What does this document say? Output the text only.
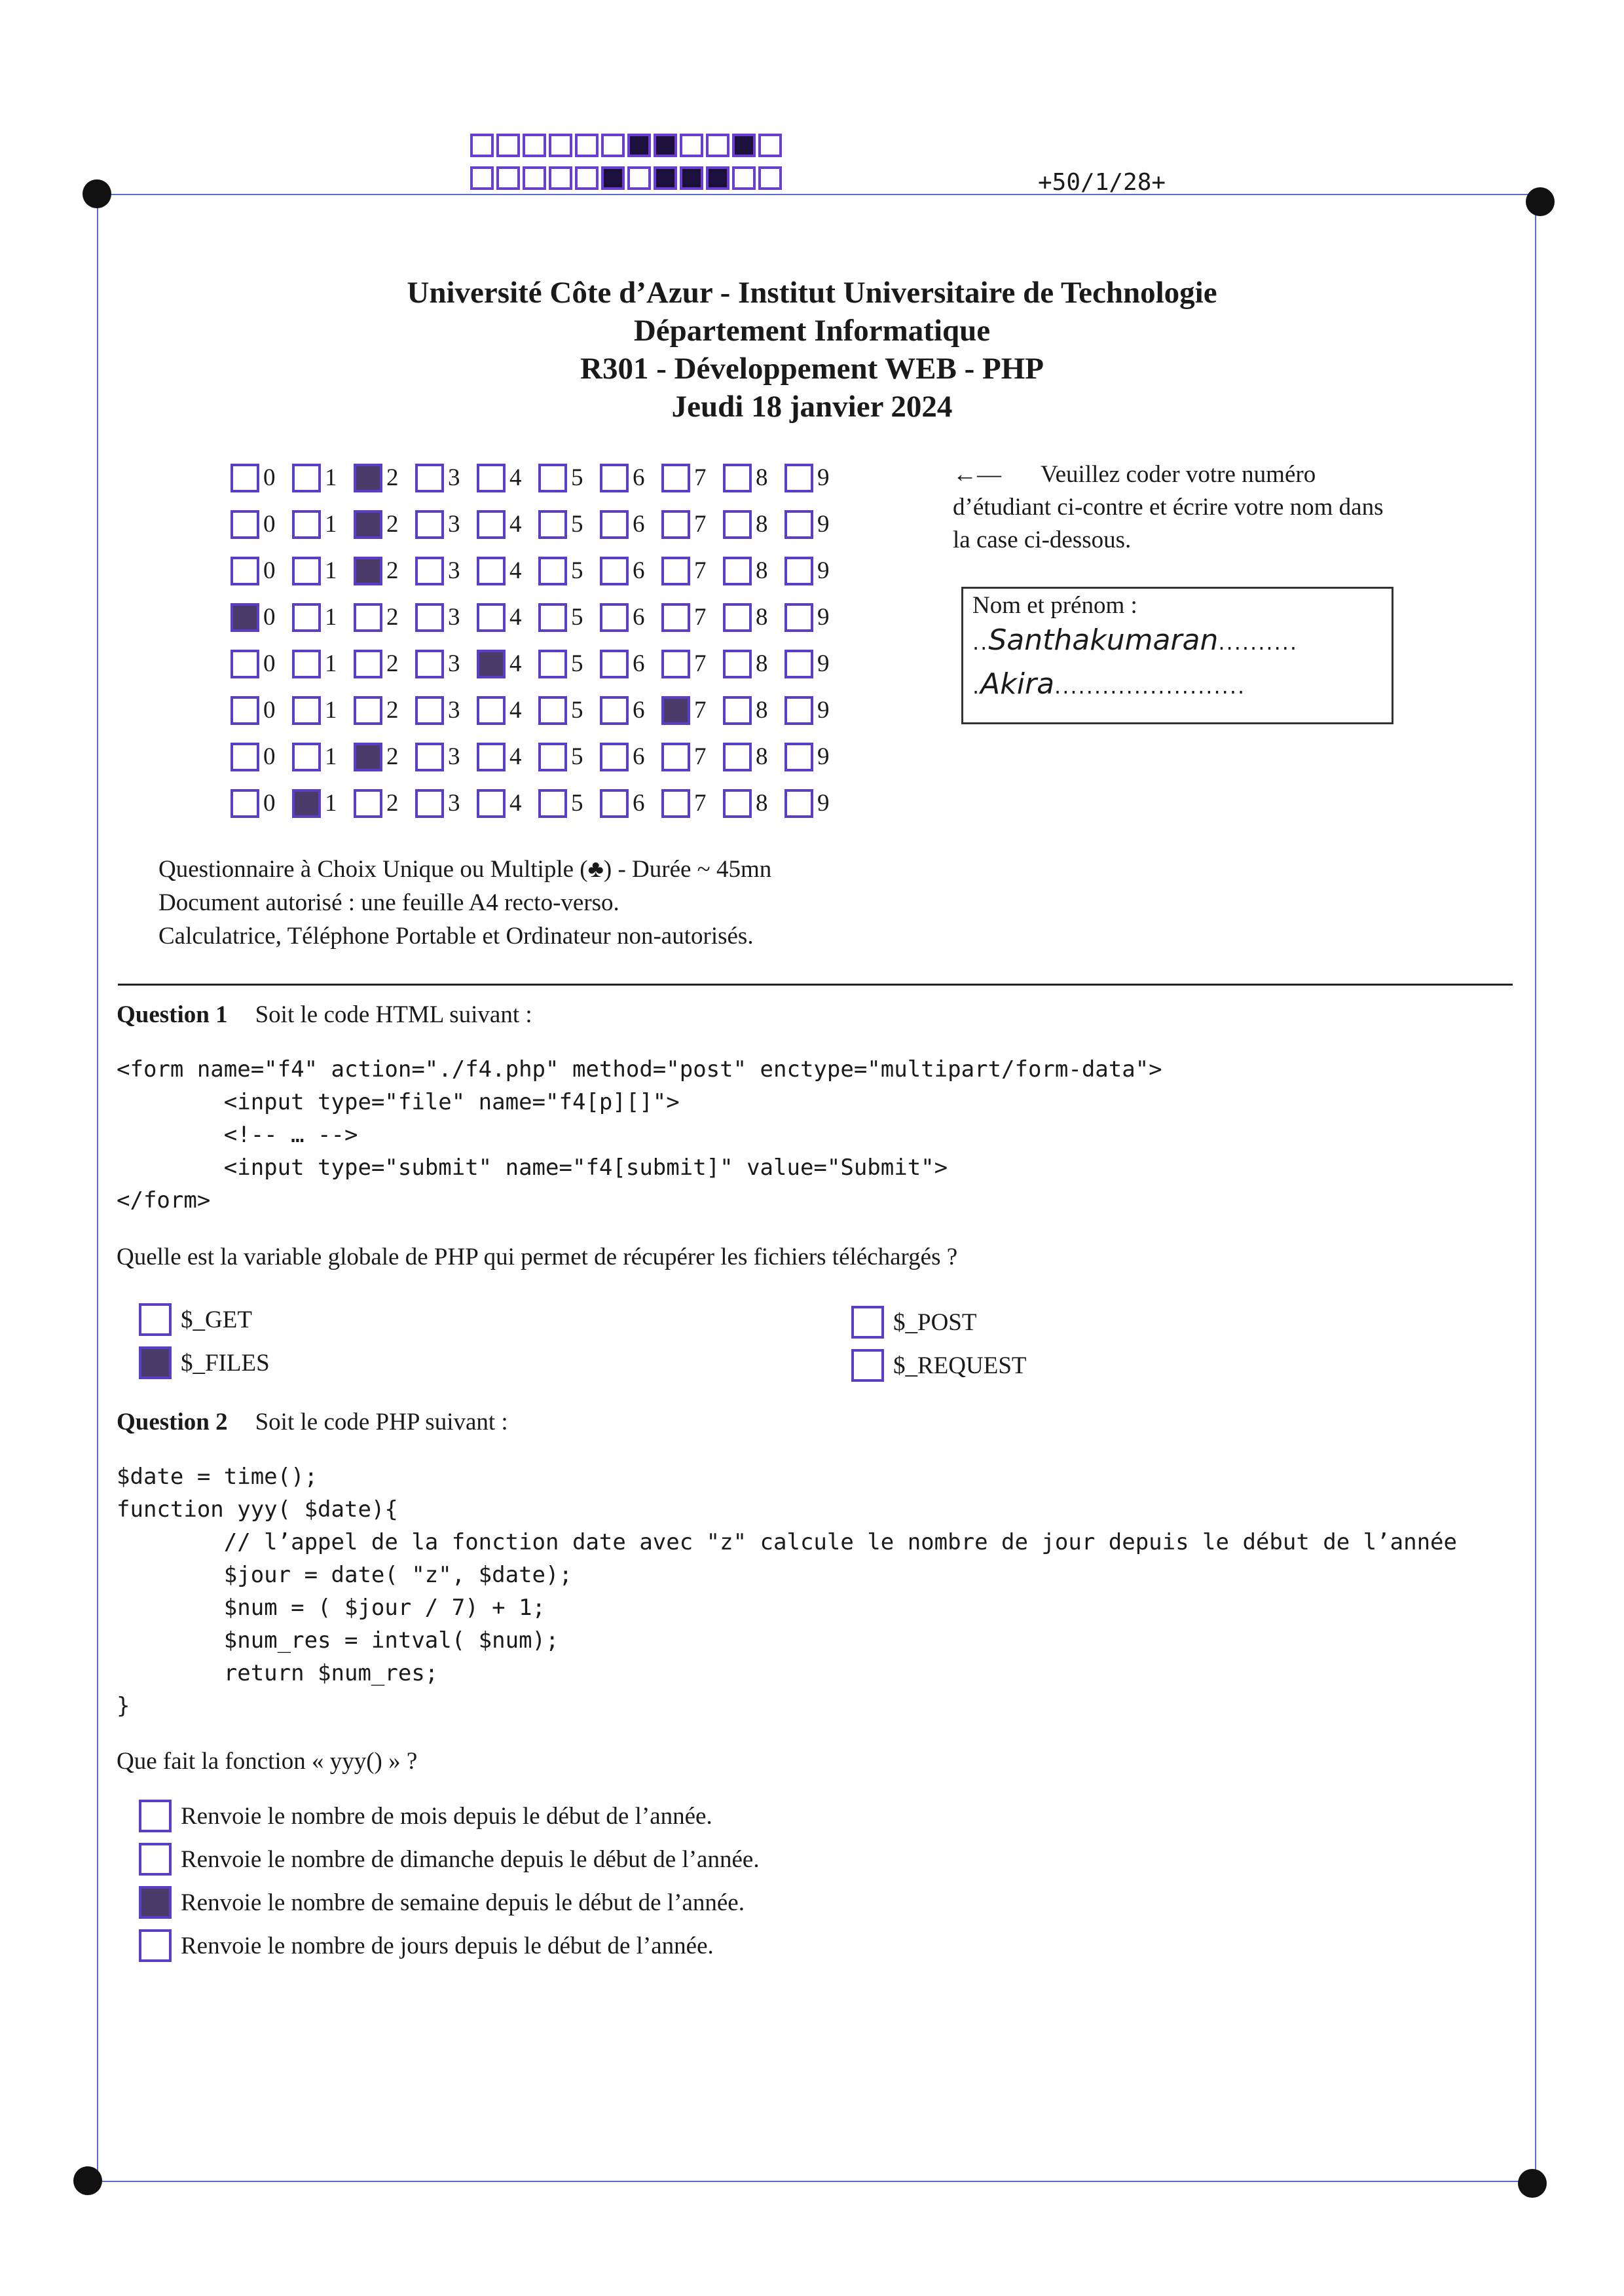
+50/1/28+
Université Côte d’Azur - Institut Universitaire de Technologie
Département Informatique
R301 - Développement WEB - PHP
Jeudi 18 janvier 2024
0 1 2 3 4 5 6 7 8 9
0 1 2 3 4 5 6 7 8 9
0 1 2 3 4 5 6 7 8 9
0 1 2 3 4 5 6 7 8 9
0 1 2 3 4 5 6 7 8 9
0 1 2 3 4 5 6 7 8 9
0 1 2 3 4 5 6 7 8 9
0 1 2 3 4 5 6 7 8 9
←— Veuillez coder votre numéro d’étudiant ci-contre et écrire votre nom dans la case ci-dessous.
Nom et prénom :
..Santhakumaran..........
.Akira........................
Questionnaire à Choix Unique ou Multiple (♣) - Durée ~ 45mn
Document autorisé : une feuille A4 recto-verso.
Calculatrice, Téléphone Portable et Ordinateur non-autorisés.
Question 1 Soit le code HTML suivant :
<form name="f4" action="./f4.php" method="post" enctype="multipart/form-data">
<input type="file" name="f4[p][]">
<!-- … -->
<input type="submit" name="f4[submit]" value="Submit">
</form>
Quelle est la variable globale de PHP qui permet de récupérer les fichiers téléchargés ?
$_GET
$_FILES
$_POST
$_REQUEST
Question 2 Soit le code PHP suivant :
$date = time();
function yyy( $date){
// l’appel de la fonction date avec "z" calcule le nombre de jour depuis le début de l’année
$jour = date( "z", $date);
$num = ( $jour / 7) + 1;
$num_res = intval( $num);
return $num_res;
}
Que fait la fonction « yyy() » ?
Renvoie le nombre de mois depuis le début de l’année.
Renvoie le nombre de dimanche depuis le début de l’année.
Renvoie le nombre de semaine depuis le début de l’année.
Renvoie le nombre de jours depuis le début de l’année.
